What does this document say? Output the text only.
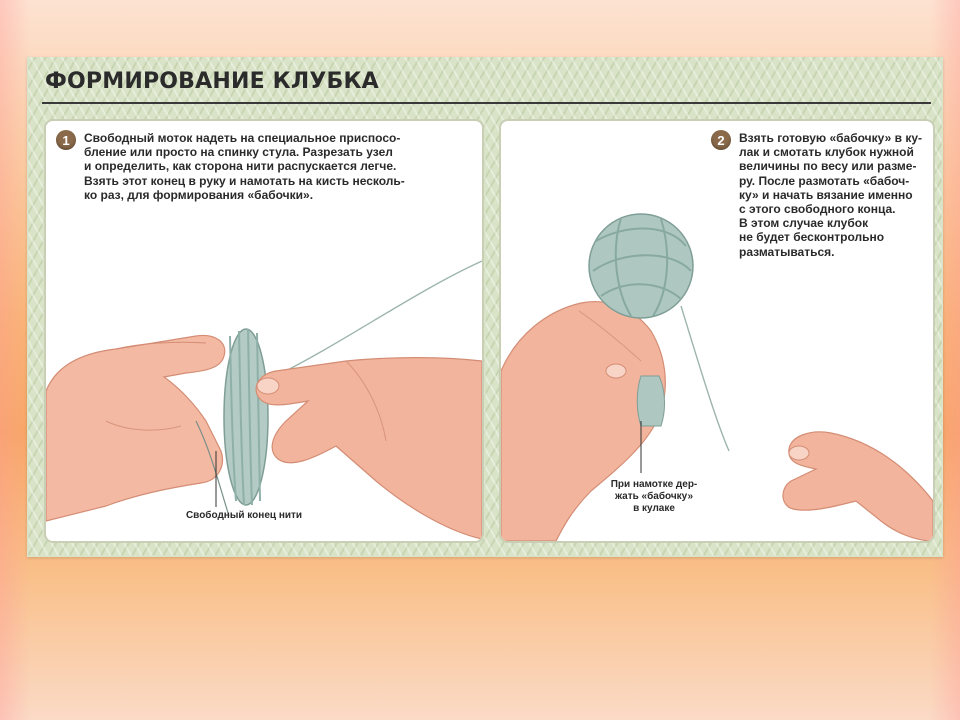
ФОРМИРОВАНИЕ КЛУБКА
1	Свободный моток надеть на специальное приспосо-
бление или просто на спинку стула. Разрезать узел
и определить, как сторона нити распускается легче.
Взять этот конец в руку и намотать на кисть несколь-
ко раз, для формирования «бабочки».

Свободный конец нити

2	Взять готовую «бабочку» в ку-
лак и смотать клубок нужной
величины по весу или разме-
ру. После размотать «бабоч-
ку» и начать вязание именно
с этого свободного конца.
В этом случае клубок
не будет бесконтрольно
разматываться.

При намотке дер-
жать «бабочку»
в кулаке
